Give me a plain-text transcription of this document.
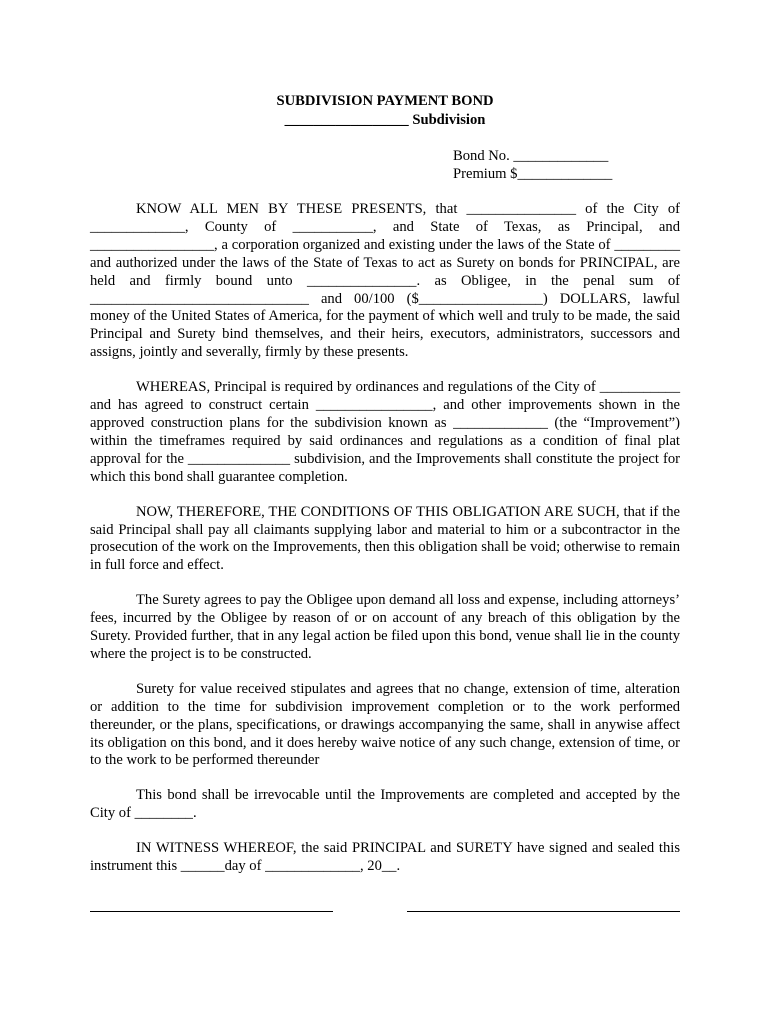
SUBDIVISION PAYMENT BOND

_________________ Subdivision

Bond No. _____________
Premium $_____________

KNOW ALL MEN BY THESE PRESENTS, that _______________ of the City of _____________, County of ___________, and State of Texas, as Principal, and _________________, a corporation organized and existing under the laws of the State of _________ and authorized under the laws of the State of Texas to act as Surety on bonds for PRINCIPAL, are held and firmly bound unto _______________. as Obligee, in the penal sum of ______________________________ and 00/100 ($_________________) DOLLARS, lawful money of the United States of America, for the payment of which well and truly to be made, the said Principal and Surety bind themselves, and their heirs, executors, administrators, successors and assigns, jointly and severally, firmly by these presents.

WHEREAS, Principal is required by ordinances and regulations of the City of ___________ and has agreed to construct certain ________________, and other improvements shown in the approved construction plans for the subdivision known as _____________ (the “Improvement”) within the timeframes required by said ordinances and regulations as a condition of final plat approval for the ______________ subdivision, and the Improvements shall constitute the project for which this bond shall guarantee completion.

NOW, THEREFORE, THE CONDITIONS OF THIS OBLIGATION ARE SUCH, that if the said Principal shall pay all claimants supplying labor and material to him or a subcontractor in the prosecution of the work on the Improvements, then this obligation shall be void; otherwise to remain in full force and effect.

The Surety agrees to pay the Obligee upon demand all loss and expense, including attorneys’ fees, incurred by the Obligee by reason of or on account of any breach of this obligation by the Surety. Provided further, that in any legal action be filed upon this bond, venue shall lie in the county where the project is to be constructed.

Surety for value received stipulates and agrees that no change, extension of time, alteration or addition to the time for subdivision improvement completion or to the work performed thereunder, or the plans, specifications, or drawings accompanying the same, shall in anywise affect its obligation on this bond, and it does hereby waive notice of any such change, extension of time, or to the work to be performed thereunder

This bond shall be irrevocable until the Improvements are completed and accepted by the City of ________.

IN WITNESS WHEREOF, the said PRINCIPAL and SURETY have signed and sealed this instrument this ______day of _____________, 20__.
